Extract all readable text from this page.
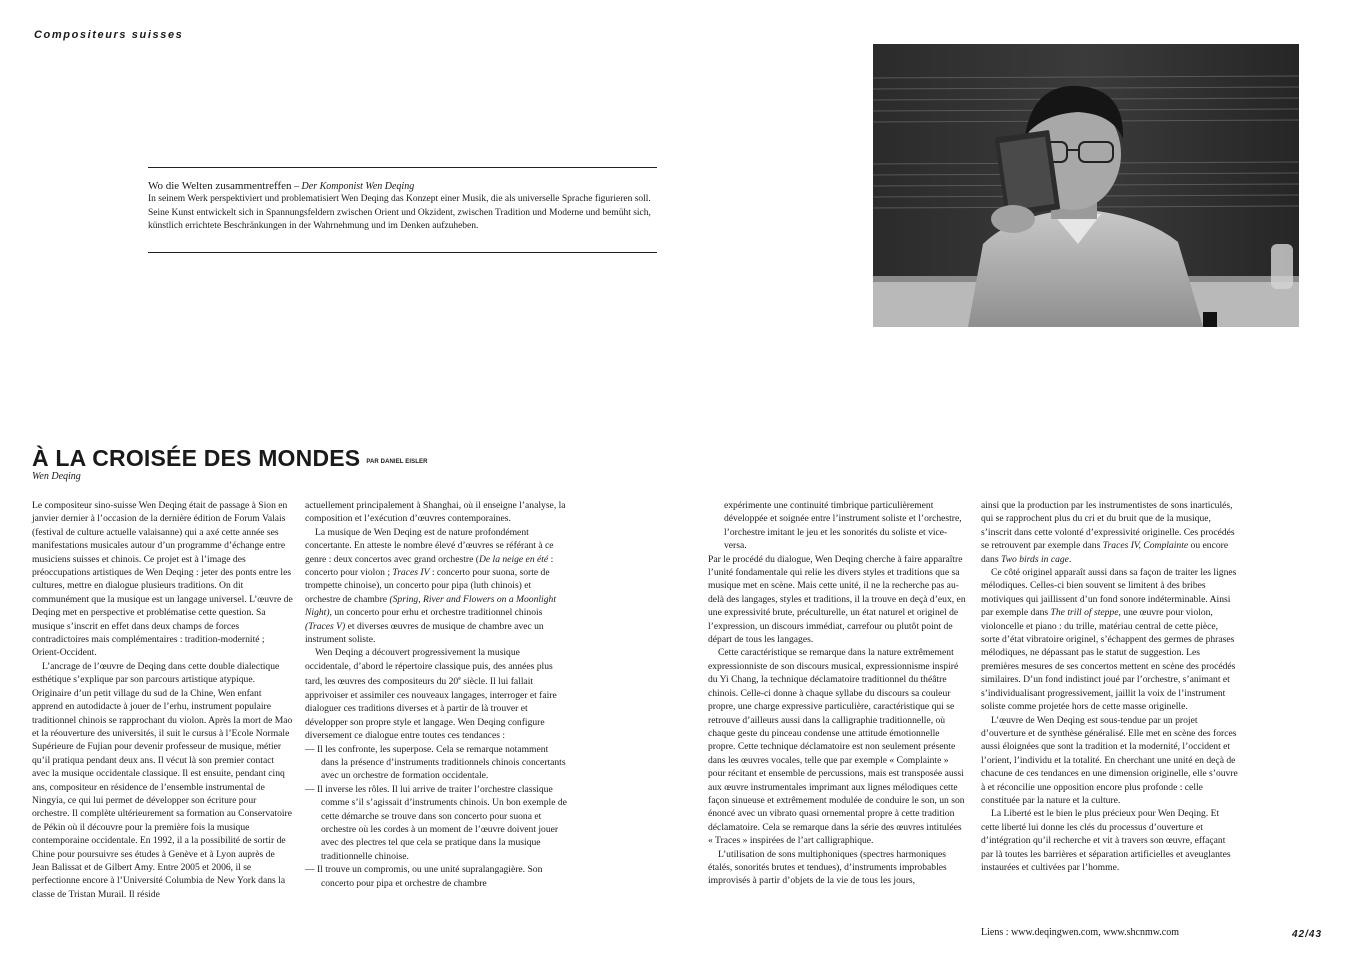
Compositeurs suisses
Wo die Welten zusammentreffen – Der Komponist Wen Deqing
In seinem Werk perspektiviert und problematisiert Wen Deqing das Konzept einer Musik, die als universelle Sprache figurieren soll. Seine Kunst entwickelt sich in Spannungsfeldern zwischen Orient und Okzident, zwischen Tradition und Moderne und bemüht sich, künstlich errichtete Beschränkungen in der Wahrnehmung und im Denken aufzuheben.
À LA CROISÉE DES MONDES PAR DANIEL EISLER
Wen Deqing

Le compositeur sino-suisse Wen Deqing était de passage à Sion en janvier dernier à l’occasion de la dernière édition de Forum Valais (festival de culture actuelle valaisanne) qui a axé cette année ses manifestations musicales autour d’un programme d’échange entre musiciens suisses et chinois. Ce projet est à l’image des préoccupations artistiques de Wen Deqing : jeter des ponts entre les cultures, mettre en dialogue plusieurs traditions. On dit communément que la musique est un langage universel. L’œuvre de Deqing met en perspective et problématise cette question. Sa musique s’inscrit en effet dans deux champs de forces contradictoires mais complémentaires : tradition-modernité ; Orient-Occident.

L’ancrage de l’œuvre de Deqing dans cette double dialectique esthétique s’explique par son parcours artistique atypique. Originaire d’un petit village du sud de la Chine, Wen enfant apprend en autodidacte à jouer de l’erhu, instrument populaire traditionnel chinois se rapprochant du violon. Après la mort de Mao et la réouverture des universités, il suit le cursus à l’Ecole Normale Supérieure de Fujian pour devenir professeur de musique, métier qu’il pratiqua pendant deux ans. Il vécut là son premier contact avec la musique occidentale classique. Il est ensuite, pendant cinq ans, compositeur en résidence de l’ensemble instrumental de Ningyia, ce qui lui permet de développer son écriture pour orchestre. Il complète ultérieurement sa formation au Conservatoire de Pékin où il découvre pour la première fois la musique contemporaine occidentale. En 1992, il a la possibilité de sortir de Chine pour poursuivre ses études à Genève et à Lyon auprès de Jean Balissat et de Gilbert Amy. Entre 2005 et 2006, il se perfectionne encore à l’Université Columbia de New York dans la classe de Tristan Murail. Il réside

actuellement principalement à Shanghai, où il enseigne l’analyse, la composition et l’exécution d’œuvres contemporaines.

La musique de Wen Deqing est de nature profondément concertante. En atteste le nombre élevé d’œuvres se référant à ce genre : deux concertos avec grand orchestre (De la neige en été : concerto pour violon ; Traces IV : concerto pour suona, sorte de trompette chinoise), un concerto pour pipa (luth chinois) et orchestre de chambre (Spring, River and Flowers on a Moonlight Night), un concerto pour erhu et orchestre traditionnel chinois (Traces V) et diverses œuvres de musique de chambre avec un instrument soliste.

Wen Deqing a découvert progressivement la musique occidentale, d’abord le répertoire classique puis, des années plus tard, les œuvres des compositeurs du 20e siècle. Il lui fallait apprivoiser et assimiler ces nouveaux langages, interroger et faire dialoguer ces traditions diverses et à partir de là trouver et développer son propre style et langage. Wen Deqing configure diversement ce dialogue entre toutes ces tendances :

— Il les confronte, les superpose. Cela se remarque notamment dans la présence d’instruments traditionnels chinois concertants avec un orchestre de formation occidentale.

— Il inverse les rôles. Il lui arrive de traiter l’orchestre classique comme s’il s’agissait d’instruments chinois. Un bon exemple de cette démarche se trouve dans son concerto pour suona et orchestre où les cordes à un moment de l’œuvre doivent jouer avec des plectres tel que cela se pratique dans la musique traditionnelle chinoise.

— Il trouve un compromis, ou une unité supralangagière. Son concerto pour pipa et orchestre de chambre

expérimente une continuité timbrique particulièrement développée et soignée entre l’instrument soliste et l’orchestre, l’orchestre imitant le jeu et les sonorités du soliste et vice-versa.

Par le procédé du dialogue, Wen Deqing cherche à faire apparaître l’unité fondamentale qui relie les divers styles et traditions que sa musique met en scène. Mais cette unité, il ne la recherche pas au-delà des langages, styles et traditions, il la trouve en deçà d’eux, en une expressivité brute, préculturelle, un état naturel et originel de l’expression, un discours immédiat, carrefour ou plutôt point de départ de tous les langages.

Cette caractéristique se remarque dans la nature extrêmement expressionniste de son discours musical, expressionnisme inspiré du Yi Chang, la technique déclamatoire traditionnel du théâtre chinois. Celle-ci donne à chaque syllabe du discours sa couleur propre, une charge expressive particulière, caractéristique qui se retrouve d’ailleurs aussi dans la calligraphie traditionnelle, où chaque geste du pinceau condense une attitude émotionnelle propre. Cette technique déclamatoire est non seulement présente dans les œuvres vocales, telle que par exemple « Complainte » pour récitant et ensemble de percussions, mais est transposée aussi aux œuvre instrumentales imprimant aux lignes mélodiques cette façon sinueuse et extrêmement modulée de conduire le son, un son énoncé avec un vibrato quasi ornemental propre à cette tradition déclamatoire. Cela se remarque dans la série des œuvres intitulées « Traces » inspirées de l’art calligraphique.

L’utilisation de sons multiphoniques (spectres harmoniques étalés, sonorités brutes et tendues), d’instruments improbables improvisés à partir d’objets de la vie de tous les jours,

ainsi que la production par les instrumentistes de sons inarticulés, qui se rapprochent plus du cri et du bruit que de la musique, s’inscrit dans cette volonté d’expressivité originelle. Ces procédés se retrouvent par exemple dans Traces IV, Complainte ou encore dans Two birds in cage.

Ce côté originel apparaît aussi dans sa façon de traiter les lignes mélodiques. Celles-ci bien souvent se limitent à des bribes motiviques qui jaillissent d’un fond sonore indéterminable. Ainsi par exemple dans The trill of steppe, une œuvre pour violon, violoncelle et piano : du trille, matériau central de cette pièce, sorte d’état vibratoire originel, s’échappent des germes de phrases mélodiques, ne dépassant pas le statut de suggestion. Les premières mesures de ses concertos mettent en scène des procédés similaires. D’un fond indistinct joué par l’orchestre, s’animant et s’individualisant progressivement, jaillit la voix de l’instrument soliste comme projetée hors de cette masse originelle.

L’œuvre de Wen Deqing est sous-tendue par un projet d’ouverture et de synthèse généralisé. Elle met en scène des forces aussi éloignées que sont la tradition et la modernité, l’occident et l’orient, l’individu et la totalité. En cherchant une unité en deçà de chacune de ces tendances en une dimension originelle, elle s’ouvre à et réconcilie une opposition encore plus profonde : celle constituée par la nature et la culture.

La Liberté est le bien le plus précieux pour Wen Deqing. Et cette liberté lui donne les clés du processus d’ouverture et d’intégration qu’il recherche et vit à travers son œuvre, effaçant par là toutes les barrières et séparation artificielles et aveuglantes instaurées et cultivées par l’homme.

Liens : www.deqingwen.com, www.shcnmw.com	42/43
